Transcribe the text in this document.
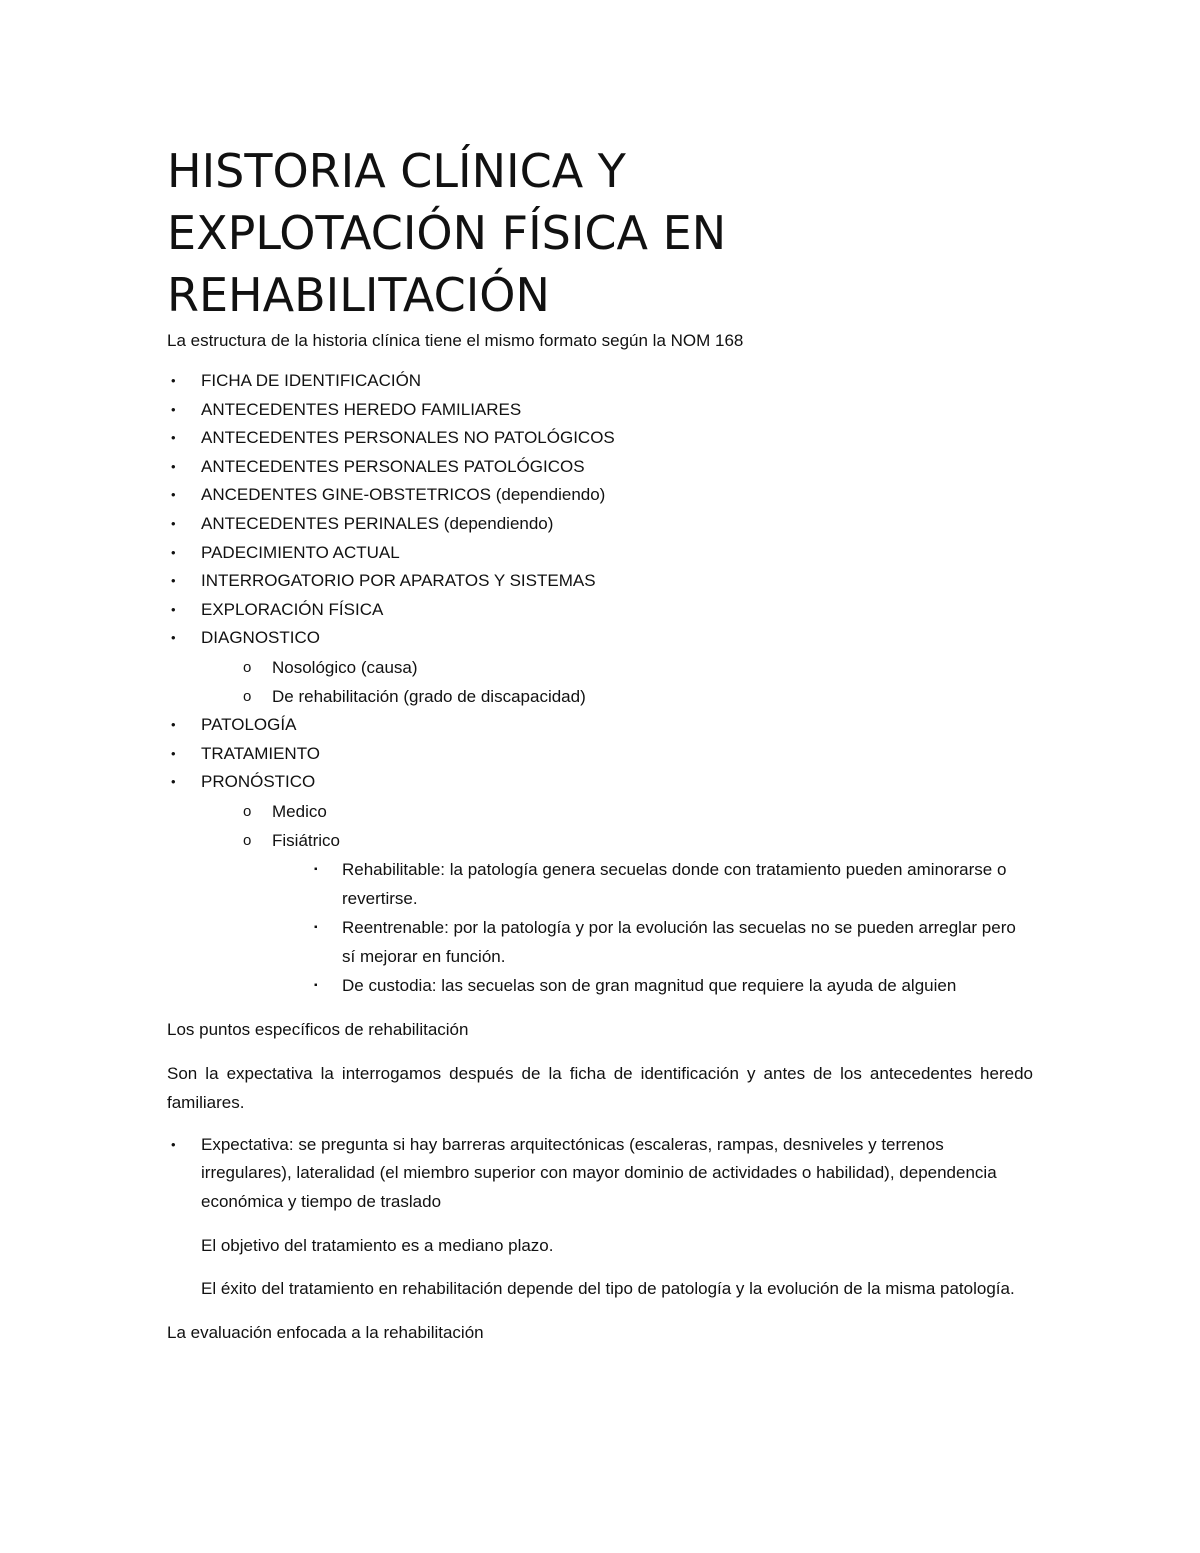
HISTORIA CLÍNICA Y
EXPLOTACIÓN FÍSICA EN
REHABILITACIÓN

La estructura de la historia clínica tiene el mismo formato según la NOM 168

• FICHA DE IDENTIFICACIÓN
• ANTECEDENTES HEREDO FAMILIARES
• ANTECEDENTES PERSONALES NO PATOLÓGICOS
• ANTECEDENTES PERSONALES PATOLÓGICOS
• ANCEDENTES GINE-OBSTETRICOS (dependiendo)
• ANTECEDENTES PERINALES (dependiendo)
• PADECIMIENTO ACTUAL
• INTERROGATORIO POR APARATOS Y SISTEMAS
• EXPLORACIÓN FÍSICA
• DIAGNOSTICO
o Nosológico (causa)
o De rehabilitación (grado de discapacidad)
• PATOLOGÍA
• TRATAMIENTO
• PRONÓSTICO
o Medico
o Fisiátrico
▪ Rehabilitable: la patología genera secuelas donde con tratamiento pueden aminorarse o revertirse.
▪ Reentrenable: por la patología y por la evolución las secuelas no se pueden arreglar pero sí mejorar en función.
▪ De custodia: las secuelas son de gran magnitud que requiere la ayuda de alguien

Los puntos específicos de rehabilitación

Son la expectativa la interrogamos después de la ficha de identificación y antes de los antecedentes heredo familiares.

• Expectativa: se pregunta si hay barreras arquitectónicas (escaleras, rampas, desniveles y terrenos irregulares), lateralidad (el miembro superior con mayor dominio de actividades o habilidad), dependencia económica y tiempo de traslado

El objetivo del tratamiento es a mediano plazo.

El éxito del tratamiento en rehabilitación depende del tipo de patología y la evolución de la misma patología.

La evaluación enfocada a la rehabilitación
